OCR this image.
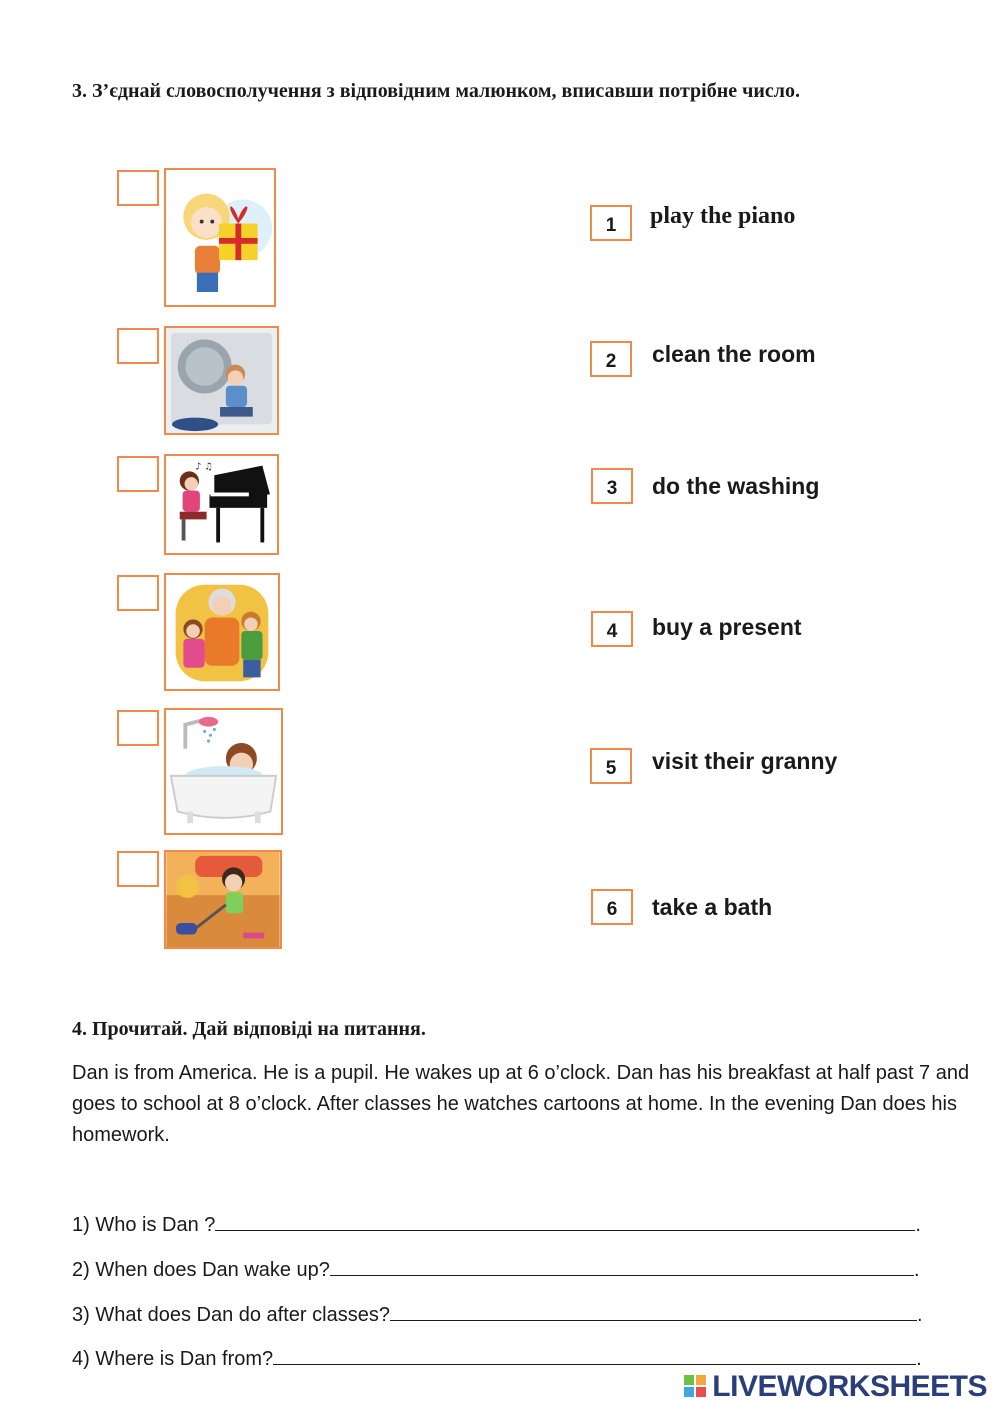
3. З’єднай словосполучення з відповідним малюнком, вписавши потрібне число.
♪ ♫
1	play the piano
2	clean the room
3	do the washing
4	buy a present
5	visit their granny
6	take a bath
4. Прочитай. Дай відповіді на питання.
Dan is from America. He is a pupil. He wakes up at 6 o’clock. Dan has his breakfast at half past 7 and goes to school at 8 o’clock. After classes he watches cartoons at home. In the evening Dan does his homework.
1) Who is Dan ?	.
2) When does Dan wake up?	.
3) What does Dan do after classes?	.
4) Where is Dan from?	.
LIVEWORKSHEETS
